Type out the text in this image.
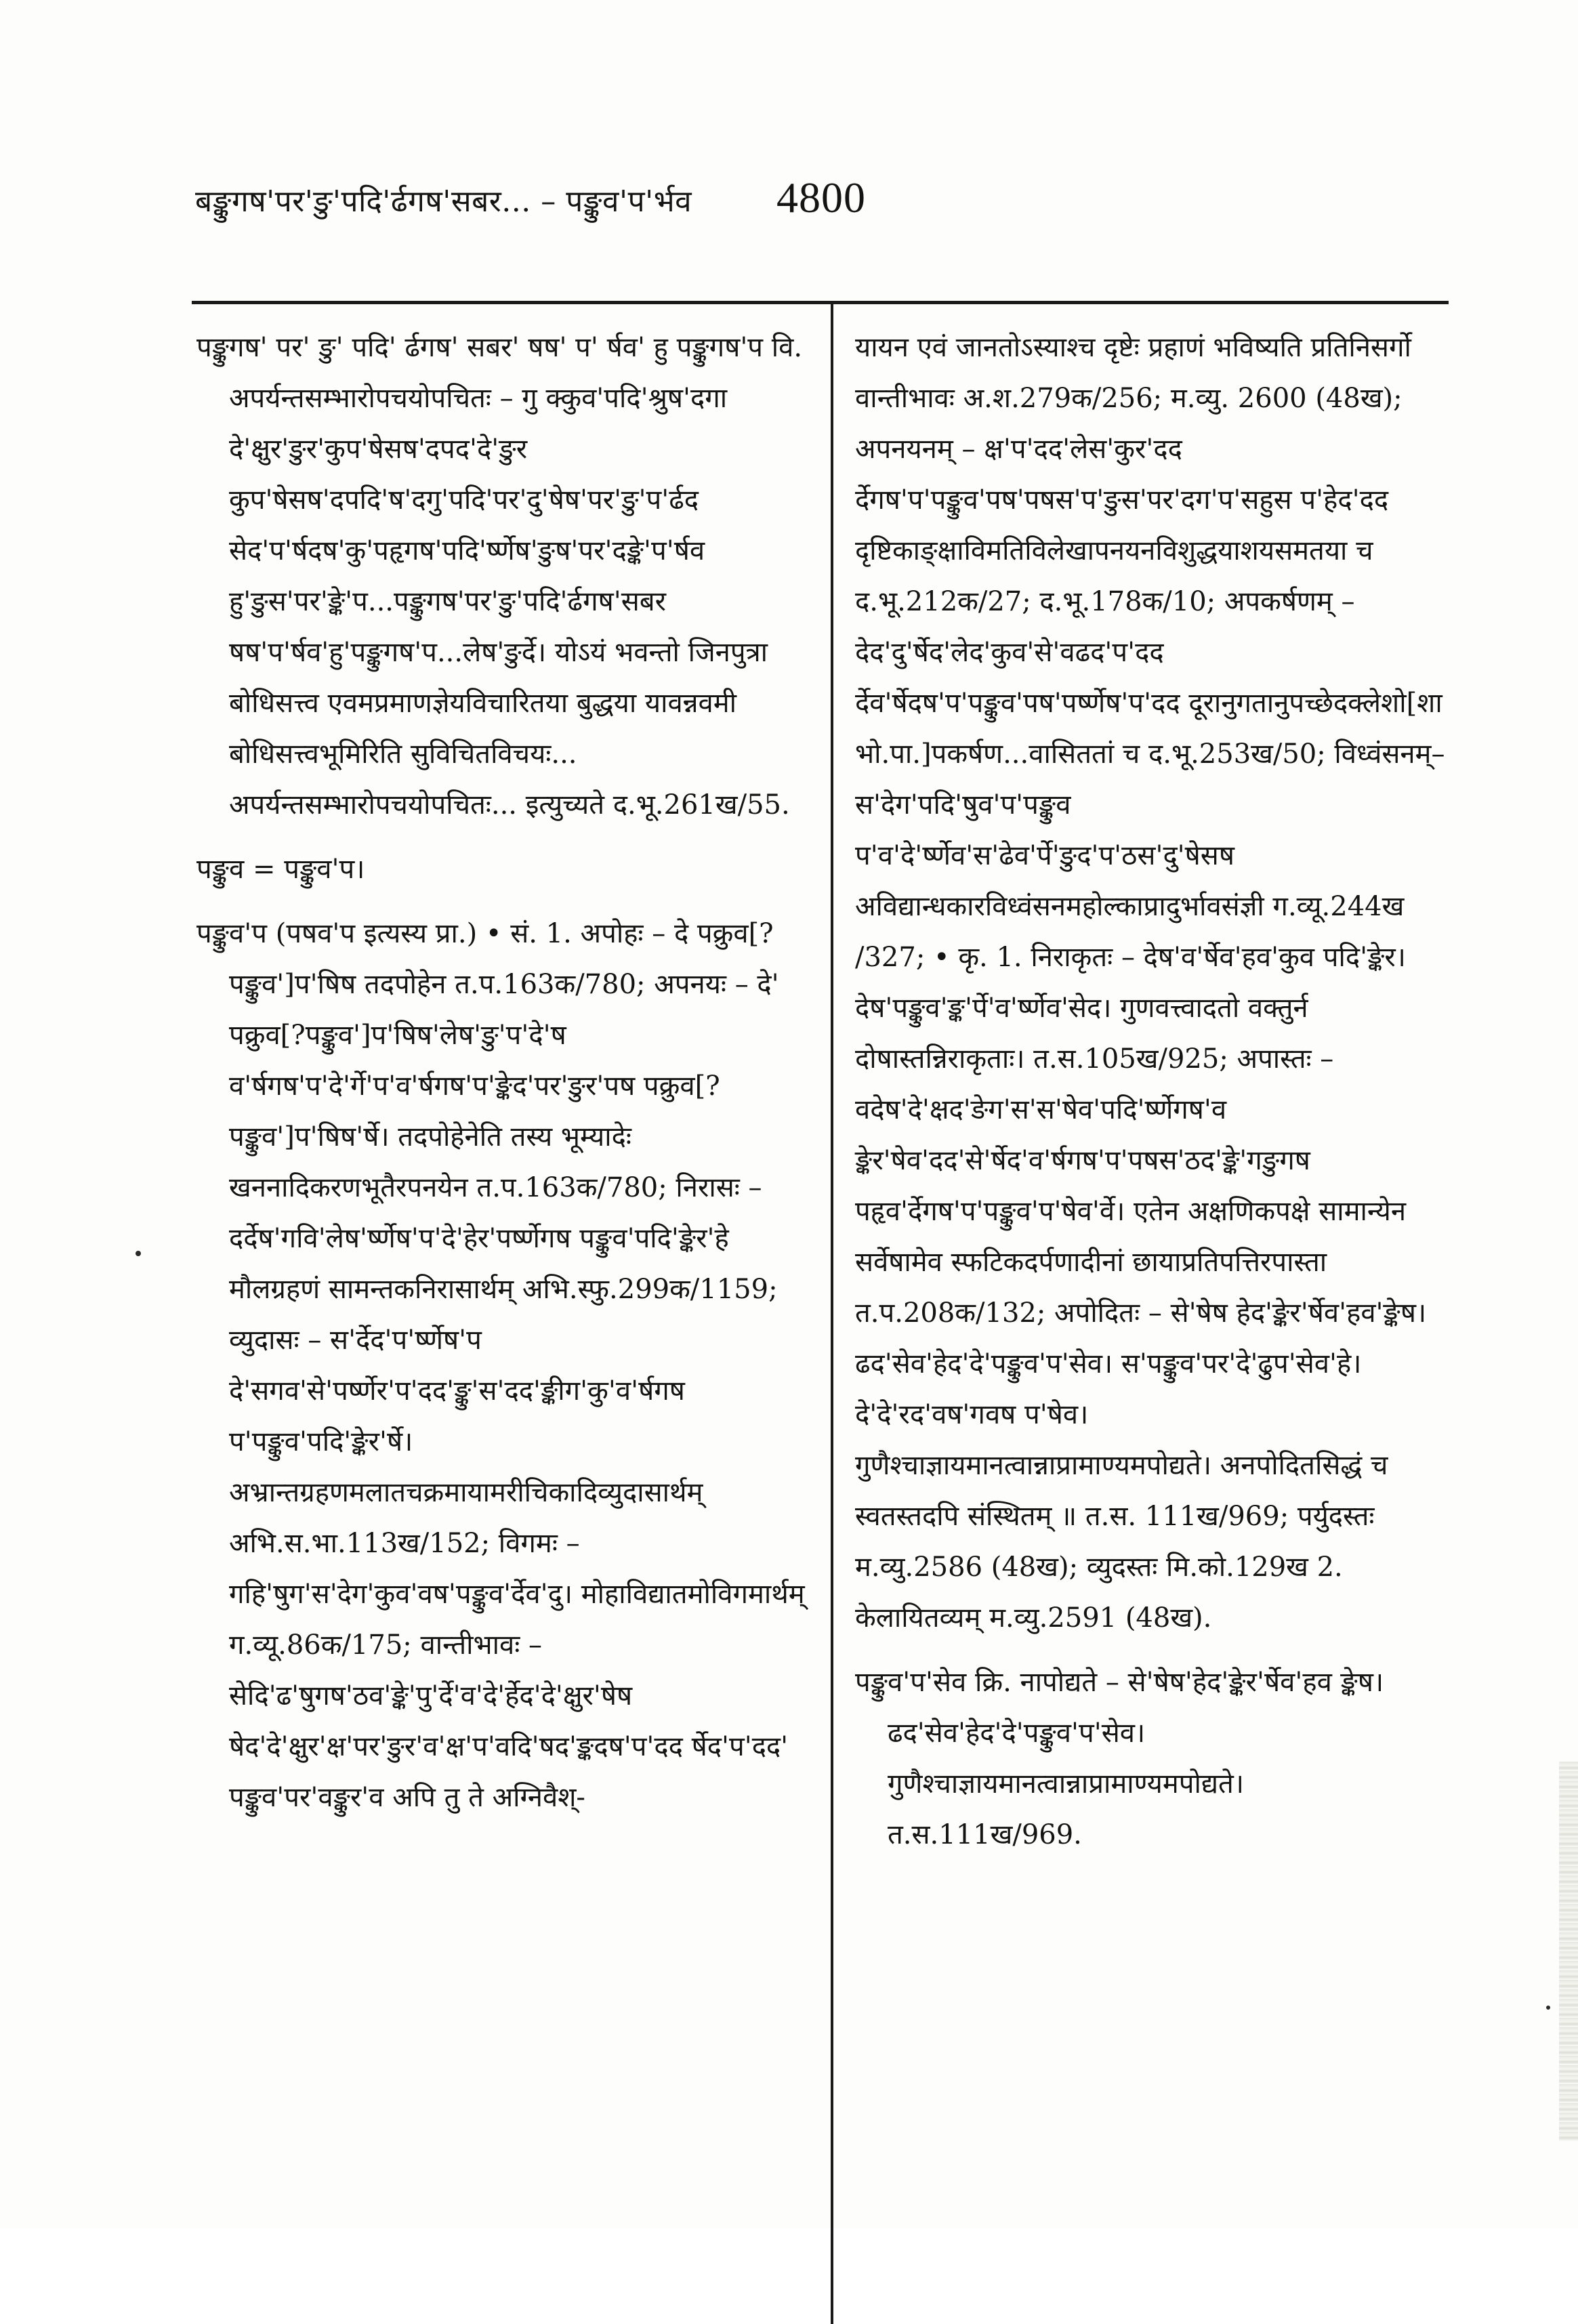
बङ्कुगष'पर'ङु'पदि'र्ढगष'सबर... – पङ्कुव'प'र्भव 4800
पङ्कुगष' पर' ङु' पदि' र्ढगष' सबर' षष' प' र्षव' हु पङ्कुगष'प वि. अपर्यन्तसम्भारोपचयोपचितः – गु क्कुव'पदि'श्रुष'दगा दे'क्षुर'ङुर'कुप'षेसष'दपद'दे'ङुर कुप'षेसष'दपदि'ष'दगु'पदि'पर'दु'षेष'पर'ङु'प'र्ढद सेद'प'र्षदष'कु'पहृगष'पदि'र्ष्णेष'ङुष'पर'दङ्के'प'र्षव हु'ङुस'पर'ङ्के'प...पङ्कुगष'पर'ङु'पदि'र्ढगष'सबर षष'प'र्षव'हु'पङ्कुगष'प...लेष'ङुर्दे। योऽयं भवन्तो जिनपुत्रा बोधिसत्त्व एवमप्रमाणज्ञेयविचारितया बुद्धया यावन्नवमी बोधिसत्त्वभूमिरिति सुविचितविचयः... अपर्यन्तसम्भारोपचयोपचितः... इत्युच्यते द.भू.261ख/55.
पङ्कुव = पङ्कुव'प।
पङ्कुव'प (पषव'प इत्यस्य प्रा.) • सं. 1. अपोहः – दे पक्रुव[?पङ्कुव']प'षिष तदपोहेन त.प.163क/780; अपनयः – दे' पक्रुव[?पङ्कुव']प'षिष'लेष'ङु'प'दे'ष व'र्षगष'प'दे'र्गे'प'व'र्षगष'प'ङ्केद'पर'ङुर'पष पक्रुव[?पङ्कुव']प'षिष'र्षे। तदपोहेनेति तस्य भूम्यादेः खननादिकरणभूतैरपनयेन त.प.163क/780; निरासः – दर्देष'गवि'लेष'र्ष्णेष'प'दे'हेर'पर्ष्णेगष पङ्कुव'पदि'ङ्केर'हे मौलग्रहणं सामन्तकनिरासार्थम् अभि.स्फु.299क/1159; व्युदासः – स'र्देद'प'र्ष्णेष'प दे'सगव'से'पर्ष्णेर'प'दद'ङ्कु'स'दद'ङ्कीग'कु'व'र्षगष प'पङ्कुव'पदि'ङ्केर'र्षे। अभ्रान्तग्रहणमलातचक्रमायामरीचिकादिव्युदासार्थम् अभि.स.भा.113ख/152; विगमः – गहि'षुग'स'देग'कुव'वष'पङ्कुव'र्देव'दु। मोहाविद्यातमोविगमार्थम् ग.व्यू.86क/175; वान्तीभावः – सेदि'ढ'षुगष'ठव'ङ्के'पु'र्दे'व'दे'र्हेद'दे'क्षुर'षेष षेद'दे'क्षुर'क्ष'पर'ङुर'व'क्ष'प'वदि'षद'ङ्कदष'प'दद र्षेद'प'दद' पङ्कुव'पर'वङ्कुर'व अपि तु ते अग्निवैश्-
यायन एवं जानतोऽस्याश्च दृष्टेः प्रहाणं भविष्यति प्रतिनिसर्गो वान्तीभावः अ.श.279क/256; म.व्यु. 2600 (48ख); अपनयनम् – क्ष'प'दद'लेस'कुर'दद र्देगष'प'पङ्कुव'पष'पषस'प'ङुस'पर'दग'प'सहुस प'हेद'दद दृष्टिकाङ्क्षाविमतिविलेखापनयनविशुद्धयाशयसमतया च द.भू.212क/27; द.भू.178क/10; अपकर्षणम् – देद'दु'र्षेद'लेद'कुव'से'वढद'प'दद र्देव'र्षेदष'प'पङ्कुव'पष'पर्ष्णेष'प'दद दूरानुगतानुपच्छेदक्लेशो[शा भो.पा.]पकर्षण...वासिततां च द.भू.253ख/50; विध्वंसनम्– स'देग'पदि'षुव'प'पङ्कुव प'व'दे'र्ष्णेव'स'ढेव'र्पे'ङुद'प'ठस'दु'षेसष अविद्यान्धकारविध्वंसनमहोल्काप्रादुर्भावसंज्ञी ग.व्यू.244ख /327; • कृ. 1. निराकृतः – देष'व'र्षेव'हव'कुव पदि'ङ्केर। देष'पङ्कुव'ङ्क'र्पे'व'र्ष्णेव'सेद। गुणवत्त्वादतो वक्तुर्न दोषास्तन्निराकृताः। त.स.105ख/925; अपास्तः – वदेष'दे'क्षद'ङेग'स'स'षेव'पदि'र्ष्णेगष'व ङ्केर'षेव'दद'से'र्षेद'व'र्षगष'प'पषस'ठद'ङ्के'गङुगष पहृव'र्देगष'प'पङ्कुव'प'षेव'र्वे। एतेन अक्षणिकपक्षे सामान्येन सर्वेषामेव स्फटिकदर्पणादीनां छायाप्रतिपत्तिरपास्ता त.प.208क/132; अपोदितः – से'षेष हेद'ङ्केर'र्षेव'हव'ङ्केष। ढद'सेव'हेद'दे'पङ्कुव'प'सेव। स'पङ्कुव'पर'दे'ढुप'सेव'हे। दे'दे'रद'वष'गवष प'षेव। गुणैश्चाज्ञायमानत्वान्नाप्रामाण्यमपोद्यते। अनपोदितसिद्धं च स्वतस्तदपि संस्थितम् ॥ त.स. 111ख/969; पर्युदस्तः म.व्यु.2586 (48ख); व्युदस्तः मि.को.129ख 2. केलायितव्यम् म.व्यु.2591 (48ख).
पङ्कुव'प'सेव क्रि. नापोद्यते – से'षेष'हेद'ङ्केर'र्षेव'हव ङ्केष। ढद'सेव'हेद'दे'पङ्कुव'प'सेव। गुणैश्चाज्ञायमानत्वान्नाप्रामाण्यमपोद्यते। त.स.111ख/969.
